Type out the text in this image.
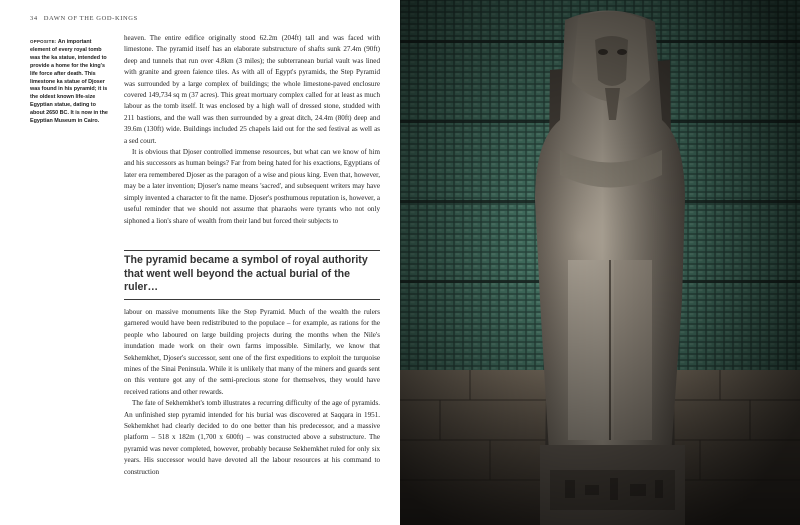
34 DAWN OF THE GOD-KINGS
OPPOSITE: An important element of every royal tomb was the ka statue, intended to provide a home for the king's life force after death. This limestone ka statue of Djoser was found in his pyramid; it is the oldest known life-size Egyptian statue, dating to about 2650 BC. It is now in the Egyptian Museum in Cairo.

heaven. The entire edifice originally stood 62.2m (204ft) tall and was faced with limestone. The pyramid itself has an elaborate substructure of shafts sunk 27.4m (90ft) deep and tunnels that run over 4.8km (3 miles); the subterranean burial vault was lined with granite and green faience tiles. As with all of Egypt's pyramids, the Step Pyramid was surrounded by a large complex of buildings; the whole limestone-paved enclosure covered 149,734 sq m (37 acres). This great mortuary complex called for at least as much labour as the tomb itself. It was enclosed by a high wall of dressed stone, studded with 211 bastions, and the wall was then surrounded by a great ditch, 24.4m (80ft) deep and 39.6m (130ft) wide. Buildings included 25 chapels laid out for the sed festival as well as a sed court.

It is obvious that Djoser controlled immense resources, but what can we know of him and his successors as human beings? Far from being hated for his exactions, Egyptians of later era remembered Djoser as the paragon of a wise and pious king. Even that, however, may be a later invention; Djoser's name means 'sacred', and subsequent writers may have simply invented a character to fit the name. Djoser's posthumous reputation is, however, a useful reminder that we should not assume that pharaohs were tyrants who not only siphoned a lion's share of wealth from their land but forced their subjects to

The pyramid became a symbol of royal authority that went well beyond the actual burial of the ruler…

labour on massive monuments like the Step Pyramid. Much of the wealth the rulers garnered would have been redistributed to the populace – for example, as rations for the people who laboured on large building projects during the months when the Nile's inundation made work on their own farms impossible. Similarly, we know that Sekhemkhet, Djoser's successor, sent one of the first expeditions to exploit the turquoise mines of the Sinai Peninsula. While it is unlikely that many of the miners and guards sent on this venture got any of the semi-precious stone for themselves, they would have received rations and other rewards.

The fate of Sekhemkhet's tomb illustrates a recurring difficulty of the age of pyramids. An unfinished step pyramid intended for his burial was discovered at Saqqara in 1951. Sekhemkhet had clearly decided to do one better than his predecessor, and a massive platform – 518 x 182m (1,700 x 600ft) – was constructed above a substructure. The pyramid was never completed, however, probably because Sekhemkhet ruled for only six years. His successor would have devoted all the labour resources at his command to construction
